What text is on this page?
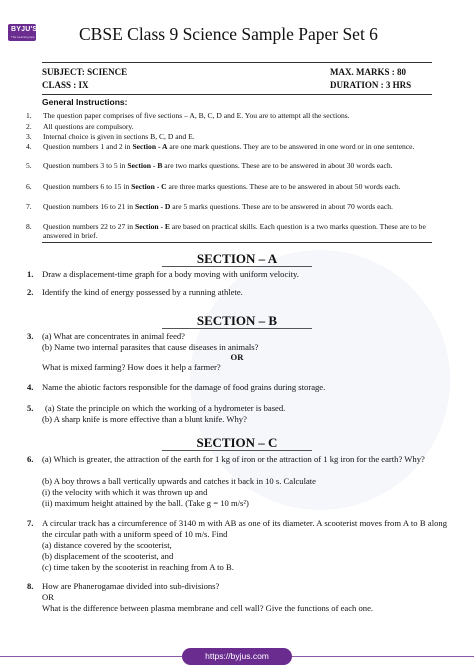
BYJU'S
The Learning App	CBSE Class 9 Science Sample Paper Set 6
SUBJECT: SCIENCE
CLASS : IX
MAX. MARKS : 80
DURATION : 3 HRS
General Instructions:
1. The question paper comprises of five sections – A, B, C, D and E. You are to attempt all the sections.
2. All questions are compulsory.
3. Internal choice is given in sections B, C, D and E.
4. Question numbers 1 and 2 in Section - A are one mark questions. They are to be answered in one word or in one sentence.
5. Question numbers 3 to 5 in Section - B are two marks questions. These are to be answered in about 30 words each.
6. Question numbers 6 to 15 in Section - C are three marks questions. These are to be answered in about 50 words each.
7. Question numbers 16 to 21 in Section - D are 5 marks questions. These are to be answered in about 70 words each.
8. Question numbers 22 to 27 in Section - E are based on practical skills. Each question is a two marks question. These are to be answered in brief.
SECTION – A
1. Draw a displacement-time graph for a body moving with uniform velocity.
2. Identify the kind of energy possessed by a running athlete.
SECTION – B
3. (a) What are concentrates in animal feed?
(b) Name two internal parasites that cause diseases in animals?
OR
What is mixed farming? How does it help a farmer?
4. Name the abiotic factors responsible for the damage of food grains during storage.
5. (a) State the principle on which the working of a hydrometer is based.
(b) A sharp knife is more effective than a blunt knife. Why?
SECTION – C
6. (a) Which is greater, the attraction of the earth for 1 kg of iron or the attraction of 1 kg iron for the earth? Why?
(b) A boy throws a ball vertically upwards and catches it back in 10 s. Calculate
(i) the velocity with which it was thrown up and
(ii) maximum height attained by the ball. (Take g = 10 m/s²)
7. A circular track has a circumference of 3140 m with AB as one of its diameter. A scooterist moves from A to B along the circular path with a uniform speed of 10 m/s. Find
(a) distance covered by the scooterist,
(b) displacement of the scooterist, and
(c) time taken by the scooterist in reaching from A to B.
8. How are Phanerogamae divided into sub-divisions?
OR
What is the difference between plasma membrane and cell wall? Give the functions of each one.
https://byjus.com
